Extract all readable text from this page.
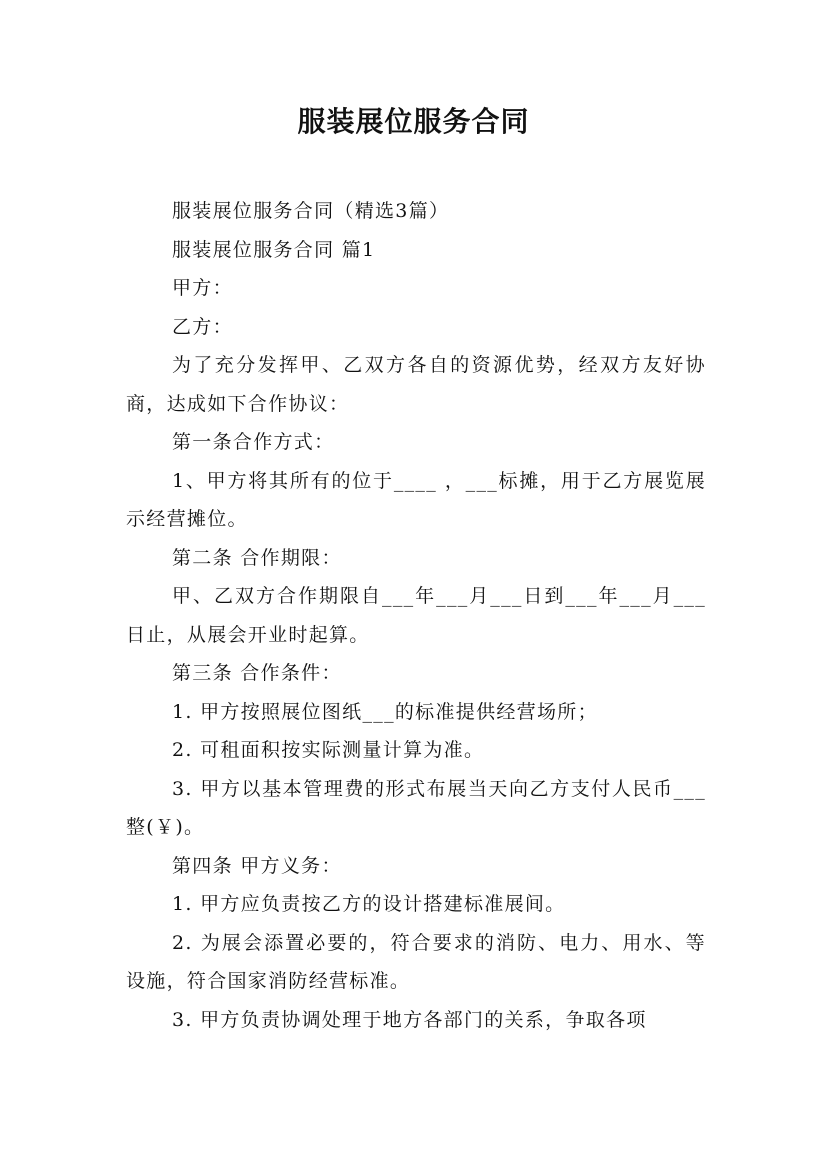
服装展位服务合同

服装展位服务合同（精选3篇）

服装展位服务合同 篇1

甲方：

乙方：

为了充分发挥甲、乙双方各自的资源优势，经双方友好协商，达成如下合作协议：

第一条合作方式：

1、甲方将其所有的位于____ ，___标摊，用于乙方展览展示经营摊位。

第二条 合作期限：

甲、乙双方合作期限自___年___月___日到___年___月___日止，从展会开业时起算。

第三条 合作条件：

1. 甲方按照展位图纸___的标准提供经营场所；

2. 可租面积按实际测量计算为准。

3. 甲方以基本管理费的形式布展当天向乙方支付人民币___整(￥)。

第四条 甲方义务：

1. 甲方应负责按乙方的设计搭建标准展间。

2. 为展会添置必要的，符合要求的消防、电力、用水、等设施，符合国家消防经营标准。

3. 甲方负责协调处理于地方各部门的关系，争取各项
